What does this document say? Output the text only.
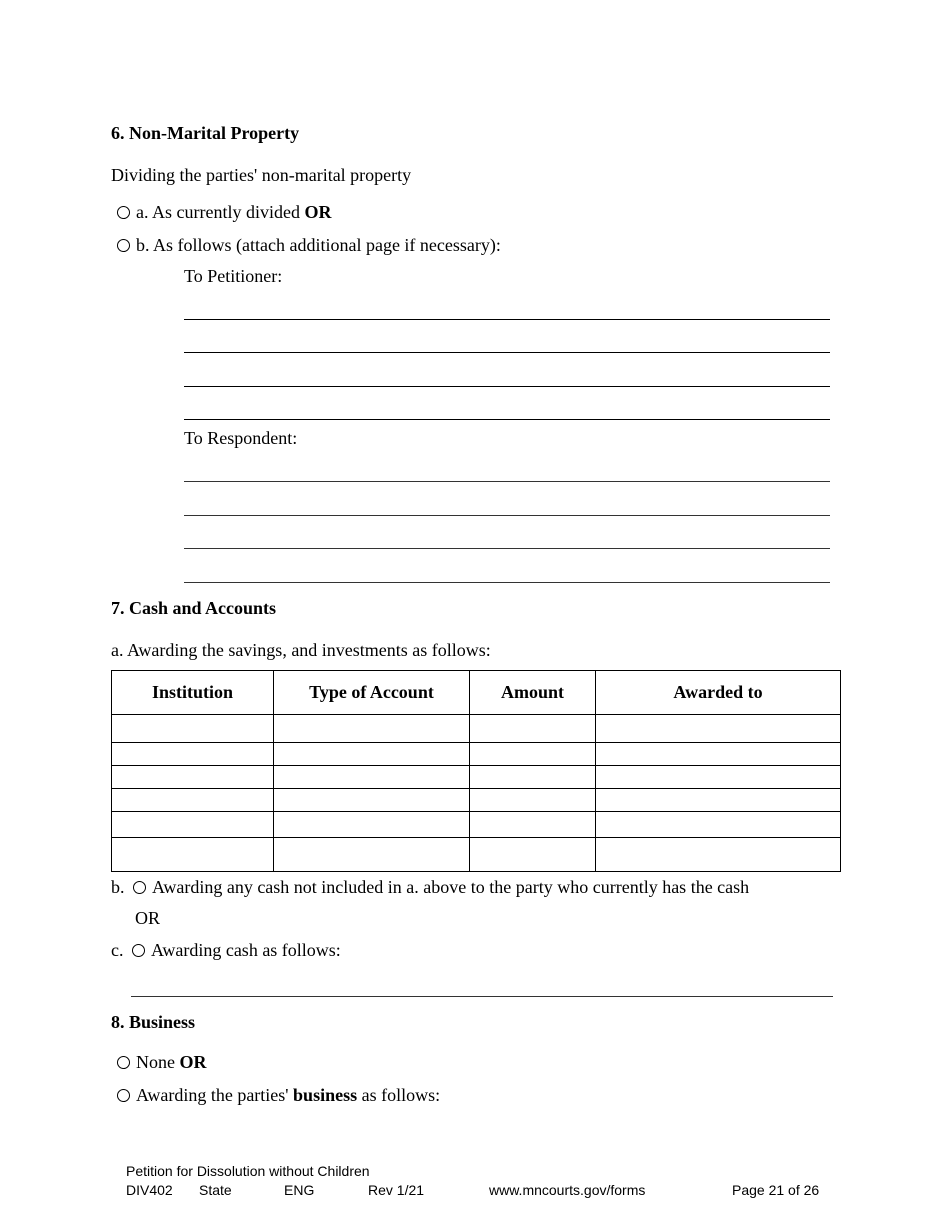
6. Non-Marital Property
Dividing the parties' non-marital property
a. As currently divided OR
b. As follows (attach additional page if necessary):
To Petitioner:
To Respondent:
7. Cash and Accounts
a. Awarding the savings, and investments as follows:
Institution	Type of Account	Amount	Awarded to

b. Awarding any cash not included in a. above to the party who currently has the cash
OR
c. Awarding cash as follows:
8. Business
None OR
Awarding the parties' business as follows:
Petition for Dissolution without Children
DIV402 State	ENG	Rev 1/21	www.mncourts.gov/forms	Page 21 of 26
